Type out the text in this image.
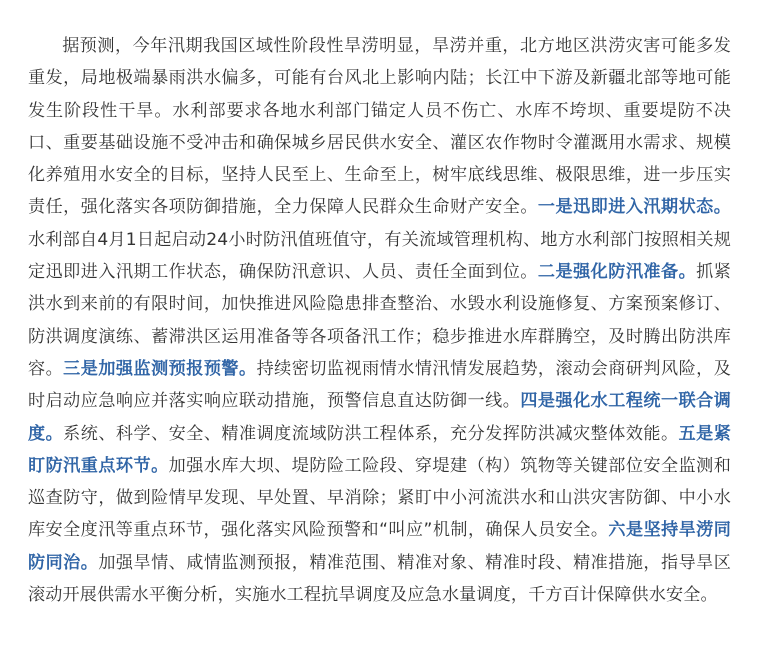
据预测，今年汛期我国区域性阶段性旱涝明显，旱涝并重，北方地区洪涝灾害可能多发重发，局地极端暴雨洪水偏多，可能有台风北上影响内陆；长江中下游及新疆北部等地可能发生阶段性干旱。水利部要求各地水利部门锚定人员不伤亡、水库不垮坝、重要堤防不决口、重要基础设施不受冲击和确保城乡居民供水安全、灌区农作物时令灌溉用水需求、规模化养殖用水安全的目标，坚持人民至上、生命至上，树牢底线思维、极限思维，进一步压实责任，强化落实各项防御措施，全力保障人民群众生命财产安全。一是迅即进入汛期状态。水利部自4月1日起启动24小时防汛值班值守，有关流域管理机构、地方水利部门按照相关规定迅即进入汛期工作状态，确保防汛意识、人员、责任全面到位。二是强化防汛准备。抓紧洪水到来前的有限时间，加快推进风险隐患排查整治、水毁水利设施修复、方案预案修订、防洪调度演练、蓄滞洪区运用准备等各项备汛工作；稳步推进水库群腾空，及时腾出防洪库容。三是加强监测预报预警。持续密切监视雨情水情汛情发展趋势，滚动会商研判风险，及时启动应急响应并落实响应联动措施，预警信息直达防御一线。四是强化水工程统一联合调度。系统、科学、安全、精准调度流域防洪工程体系，充分发挥防洪减灾整体效能。五是紧盯防汛重点环节。加强水库大坝、堤防险工险段、穿堤建（构）筑物等关键部位安全监测和巡查防守，做到险情早发现、早处置、早消除；紧盯中小河流洪水和山洪灾害防御、中小水库安全度汛等重点环节，强化落实风险预警和“叫应”机制，确保人员安全。六是坚持旱涝同防同治。加强旱情、咸情监测预报，精准范围、精准对象、精准时段、精准措施，指导旱区滚动开展供需水平衡分析，实施水工程抗旱调度及应急水量调度，千方百计保障供水安全。
